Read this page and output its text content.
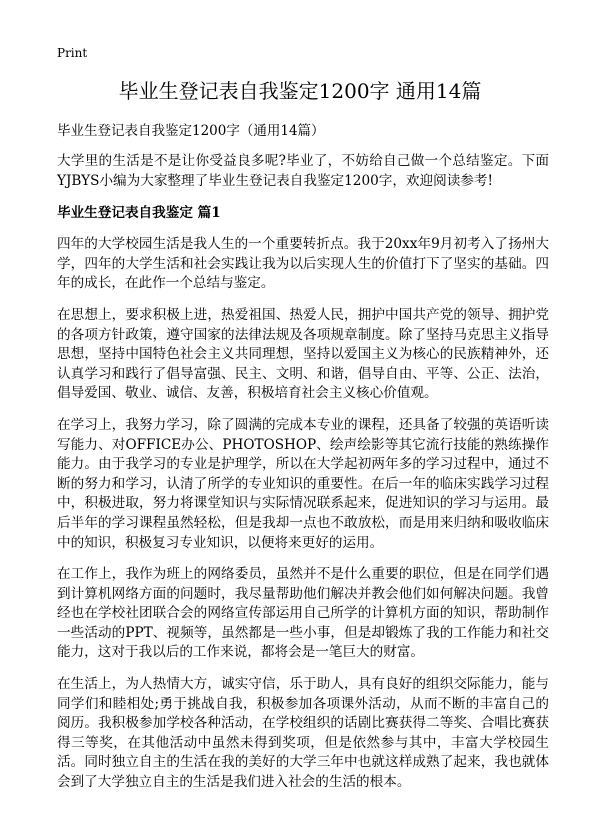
Print
毕业生登记表自我鉴定1200字 通用14篇
毕业生登记表自我鉴定1200字（通用14篇）

大学里的生活是不是让你受益良多呢?毕业了，不妨给自己做一个总结鉴定。下面YJBYS小编为大家整理了毕业生登记表自我鉴定1200字，欢迎阅读参考!

毕业生登记表自我鉴定 篇1

四年的大学校园生活是我人生的一个重要转折点。我于20xx年9月初考入了扬州大学，四年的大学生活和社会实践让我为以后实现人生的价值打下了坚实的基础。四年的成长，在此作一个总结与鉴定。

在思想上，要求积极上进，热爱祖国、热爱人民，拥护中国共产党的领导、拥护党的各项方针政策，遵守国家的法律法规及各项规章制度。除了坚持马克思主义指导思想，坚持中国特色社会主义共同理想，坚持以爱国主义为核心的民族精神外，还认真学习和践行了倡导富强、民主、文明、和谐，倡导自由、平等、公正、法治，倡导爱国、敬业、诚信、友善，积极培育社会主义核心价值观。

在学习上，我努力学习，除了圆满的完成本专业的课程，还具备了较强的英语听读写能力、对OFFICE办公、PHOTOSHOP、绘声绘影等其它流行技能的熟练操作能力。由于我学习的专业是护理学，所以在大学起初两年多的学习过程中，通过不断的努力和学习，认清了所学的专业知识的重要性。在后一年的临床实践学习过程中，积极进取，努力将课堂知识与实际情况联系起来，促进知识的学习与运用。最后半年的学习课程虽然轻松，但是我却一点也不敢放松，而是用来归纳和吸收临床中的知识，积极复习专业知识，以便将来更好的运用。

在工作上，我作为班上的网络委员，虽然并不是什么重要的职位，但是在同学们遇到计算机网络方面的问题时，我尽量帮助他们解决并教会他们如何解决问题。我曾经也在学校社团联合会的网络宣传部运用自己所学的计算机方面的知识，帮助制作一些活动的PPT、视频等，虽然都是一些小事，但是却锻炼了我的工作能力和社交能力，这对于我以后的工作来说，都将会是一笔巨大的财富。

在生活上，为人热情大方，诚实守信，乐于助人，具有良好的组织交际能力，能与同学们和睦相处;勇于挑战自我，积极参加各项课外活动，从而不断的丰富自己的阅历。我积极参加学校各种活动，在学校组织的话剧比赛获得二等奖、合唱比赛获得三等奖，在其他活动中虽然未得到奖项，但是依然参与其中，丰富大学校园生活。同时独立自主的生活在我的美好的大学三年中也就这样成熟了起来，我也就体会到了大学独立自主的生活是我们进入社会的生活的根本。
